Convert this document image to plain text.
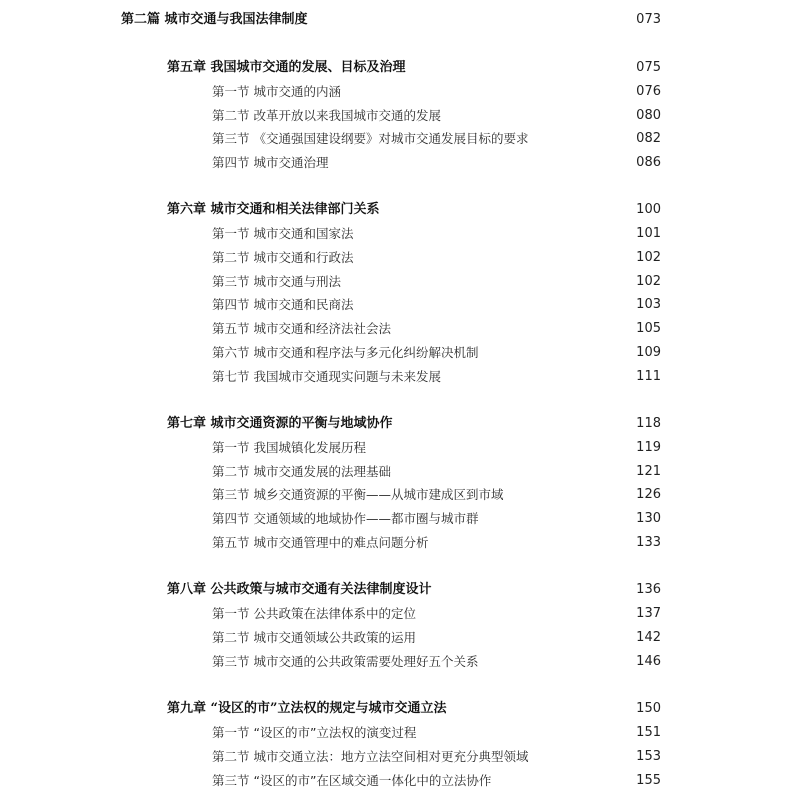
第二篇 城市交通与我国法律制度	073
第五章 我国城市交通的发展、目标及治理	075
第一节 城市交通的内涵	076
第二节 改革开放以来我国城市交通的发展	080
第三节 《交通强国建设纲要》对城市交通发展目标的要求	082
第四节 城市交通治理	086
第六章 城市交通和相关法律部门关系	100
第一节 城市交通和国家法	101
第二节 城市交通和行政法	102
第三节 城市交通与刑法	102
第四节 城市交通和民商法	103
第五节 城市交通和经济法社会法	105
第六节 城市交通和程序法与多元化纠纷解决机制	109
第七节 我国城市交通现实问题与未来发展	111
第七章 城市交通资源的平衡与地域协作	118
第一节 我国城镇化发展历程	119
第二节 城市交通发展的法理基础	121
第三节 城乡交通资源的平衡——从城市建成区到市域	126
第四节 交通领域的地域协作——都市圈与城市群	130
第五节 城市交通管理中的难点问题分析	133
第八章 公共政策与城市交通有关法律制度设计	136
第一节 公共政策在法律体系中的定位	137
第二节 城市交通领域公共政策的运用	142
第三节 城市交通的公共政策需要处理好五个关系	146
第九章 “设区的市”立法权的规定与城市交通立法	150
第一节 “设区的市”立法权的演变过程	151
第二节 城市交通立法：地方立法空间相对更充分典型领域	153
第三节 “设区的市”在区域交通一体化中的立法协作	155
